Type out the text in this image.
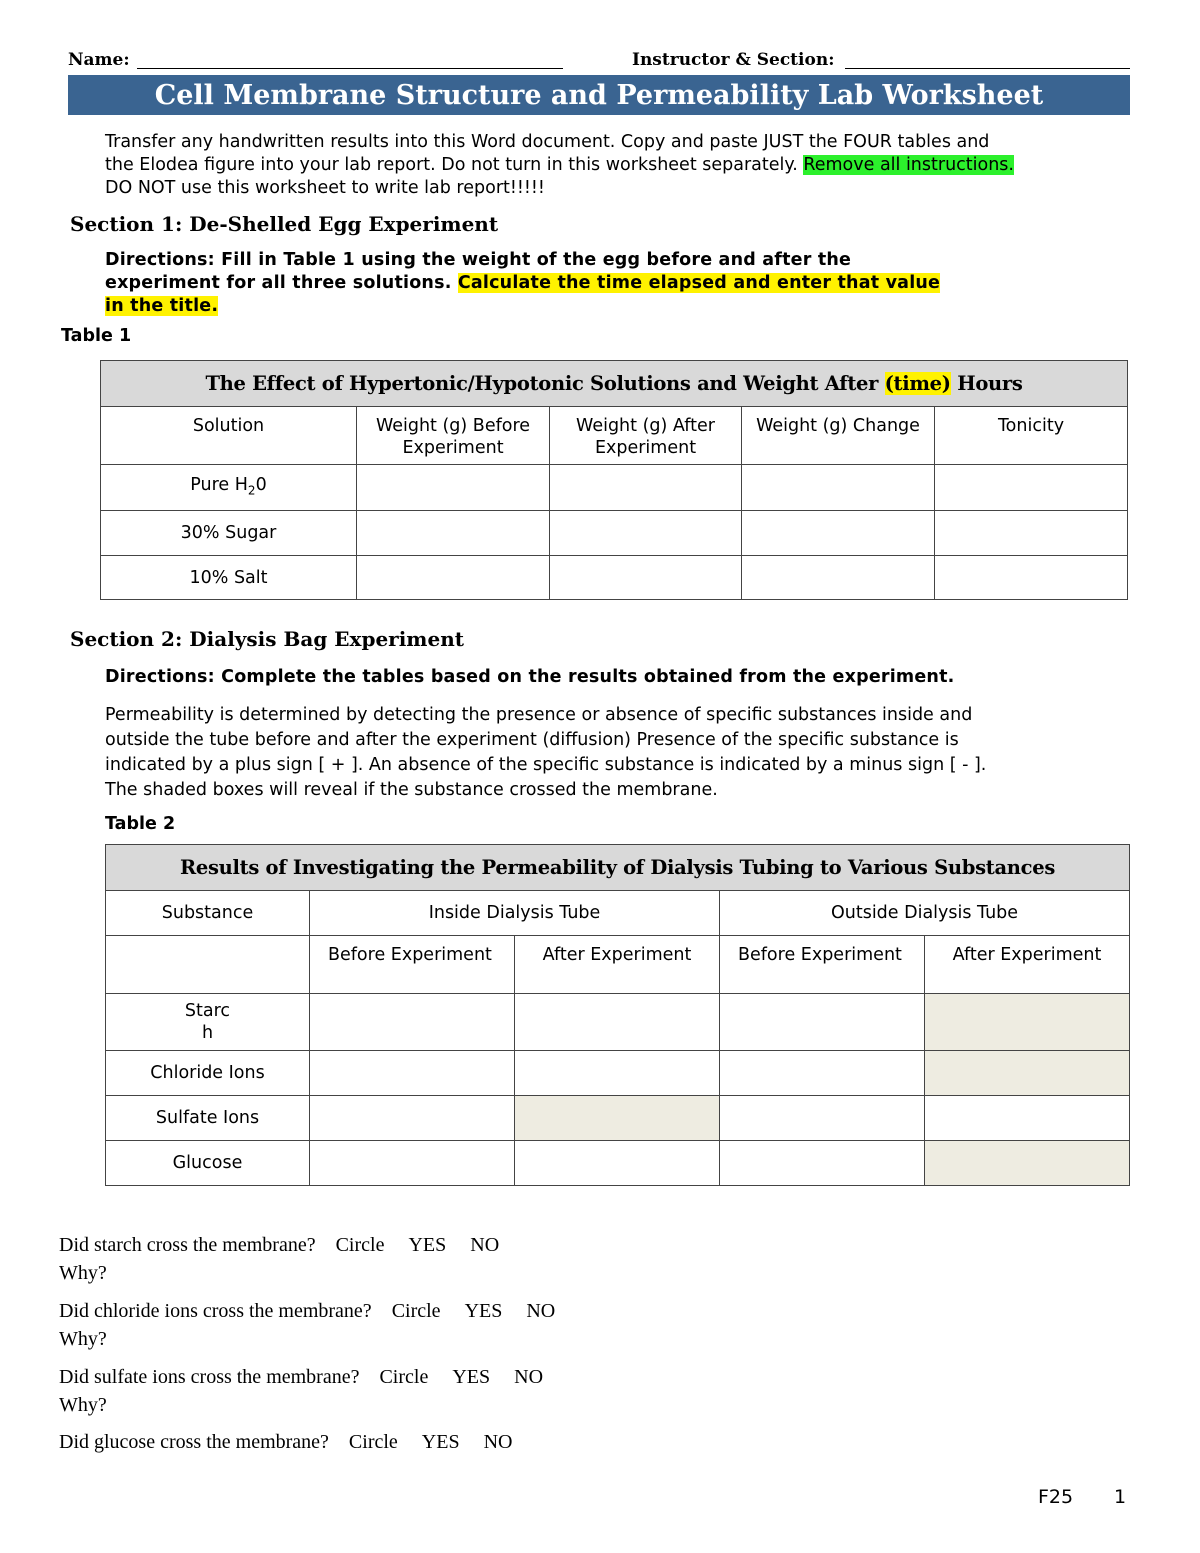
Name:	Instructor & Section:
Cell Membrane Structure and Permeability Lab Worksheet
Transfer any handwritten results into this Word document. Copy and paste JUST the FOUR tables and
the Elodea figure into your lab report. Do not turn in this worksheet separately. Remove all instructions.
DO NOT use this worksheet to write lab report!!!!!
Section 1: De-Shelled Egg Experiment
Directions: Fill in Table 1 using the weight of the egg before and after the
experiment for all three solutions. Calculate the time elapsed and enter that value
in the title.
Table 1
The Effect of Hypertonic/Hypotonic Solutions and Weight After (time) Hours				
Solution	Weight (g) Before Experiment	Weight (g) After Experiment	Weight (g) Change	Tonicity
Pure $H_20$				
30% Sugar				
10% Salt				
Section 2: Dialysis Bag Experiment
Directions: Complete the tables based on the results obtained from the experiment.
Permeability is determined by detecting the presence or absence of specific substances inside and
outside the tube before and after the experiment (diffusion) Presence of the specific substance is
indicated by a plus sign [ + ]. An absence of the specific substance is indicated by a minus sign [ - ].
The shaded boxes will reveal if the substance crossed the membrane.
Table 2
Results of Investigating the Permeability of Dialysis Tubing to Various Substances				
Substance	Inside Dialysis Tube		Outside Dialysis Tube	
	Before Experiment	After Experiment	Before Experiment	After Experiment

Starc h				

Chloride Ions				
Sulfate Ions				
Glucose				
Did starch cross the membrane? Circle YES NO
Why?
Did chloride ions cross the membrane? Circle YES NO
Why?
Did sulfate ions cross the membrane? Circle YES NO
Why?
Did glucose cross the membrane? Circle YES NO
F25 1
